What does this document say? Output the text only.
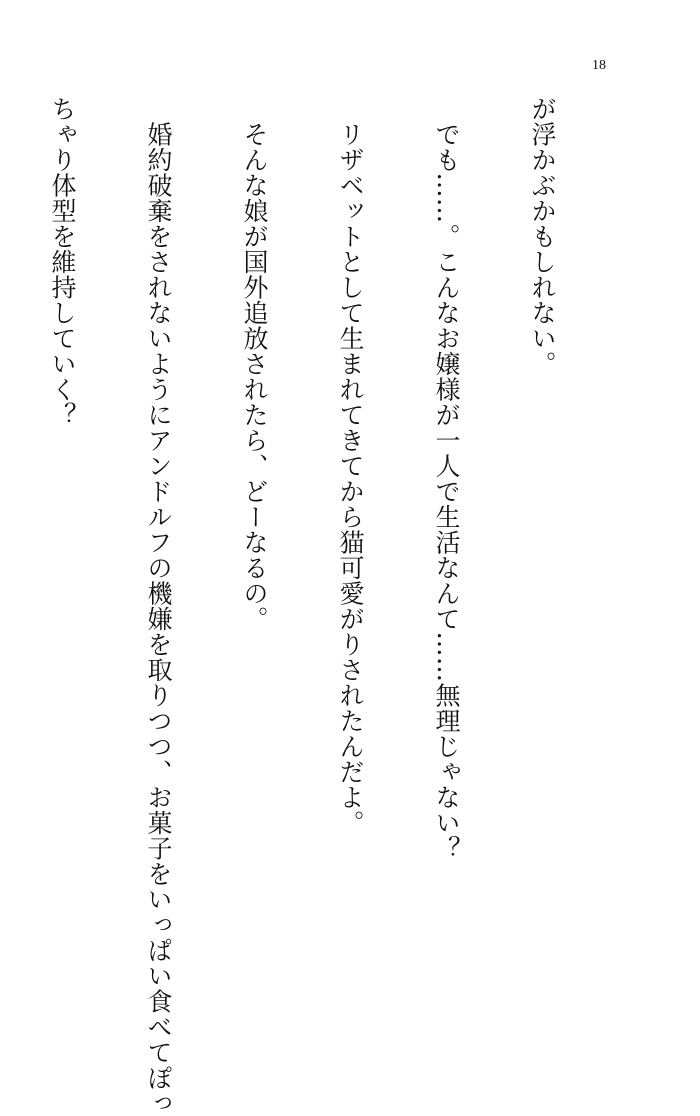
18

が浮かぶかもしれない。

　でも……。こんなお嬢様が一人で生活なんて……無理じゃない？

　リザベットとして生まれてきてから猫可愛がりされたんだよ。

　そんな娘が国外追放されたら、どーなるの。

　婚約破棄をされないようにアンドルフの機嫌を取りつつ、お菓子をいっぱい食べてぽっ

ちゃり体型を維持していく？
